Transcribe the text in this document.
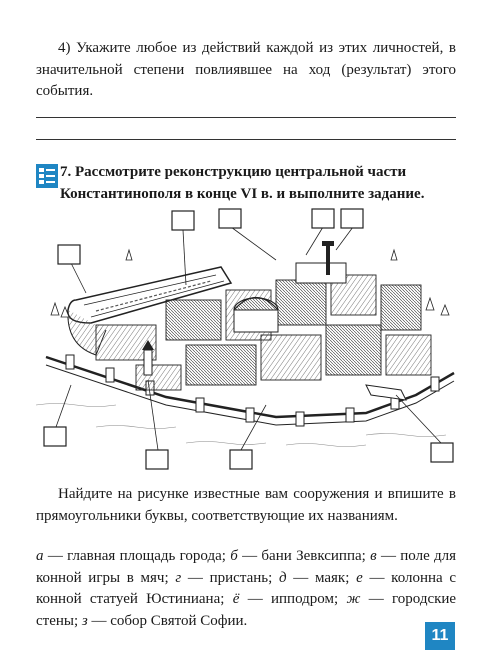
4) Укажите любое из действий каждой из этих личностей, в значительной степени повлиявшее на ход (результат) этого события.

7. Рассмотрите реконструкцию центральной части Константинополя в конце VI в. и выполните задание.

Найдите на рисунке известные вам сооружения и впишите в прямоугольники буквы, соответствующие их названиям.

а — главная площадь города; б — бани Зевксиппа; в — поле для конной игры в мяч; г — пристань; д — маяк; е — колонна с конной статуей Юстиниана; ё — ипподром; ж — городские стены; з — собор Святой Софии.

11
